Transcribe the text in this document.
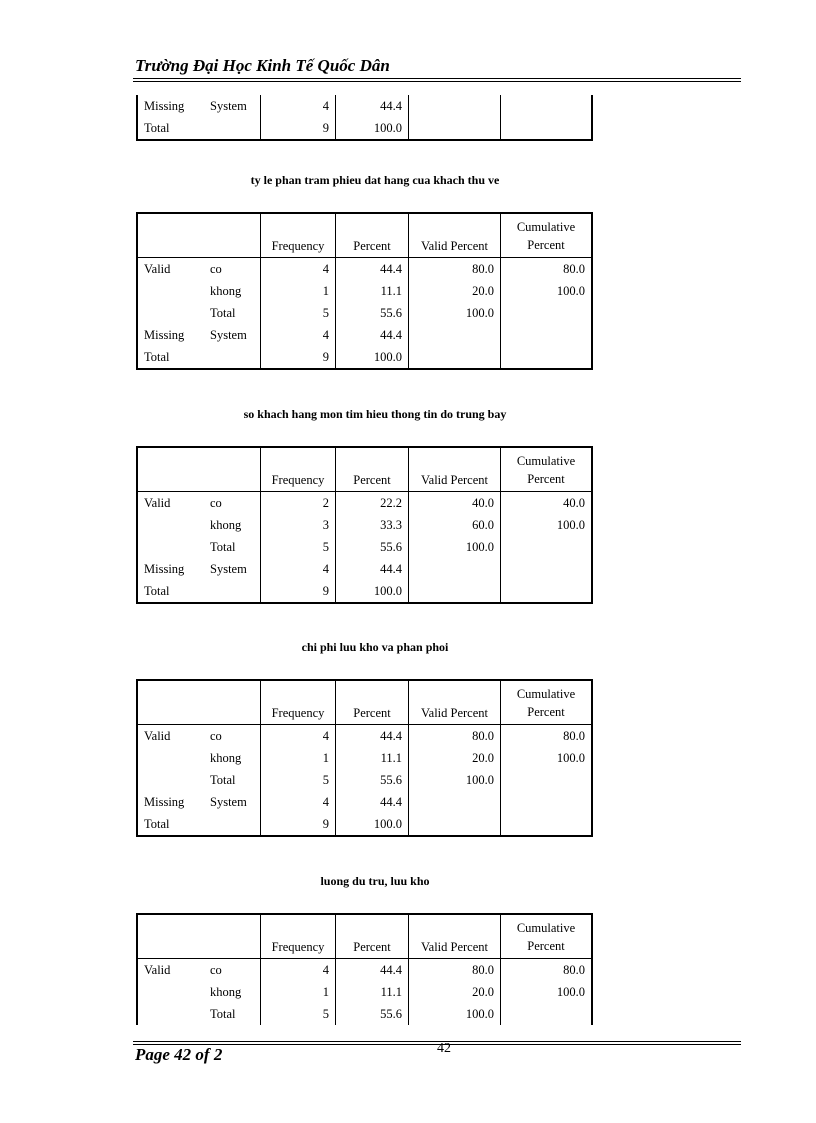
Trường Đại Học Kinh Tế Quốc Dân
Missing	System	4	44.4		
Total		9	100.0		
ty le phan tram phieu dat hang cua khach thu ve
		Frequency	Percent	Valid Percent	Cumulative
Percent
Valid	co	4	44.4	80.0	80.0
	khong	1	11.1	20.0	100.0
	Total	5	55.6	100.0	
Missing	System	4	44.4		
Total		9	100.0		
so khach hang mon tim hieu thong tin do trung bay
		Frequency	Percent	Valid Percent	Cumulative
Percent
Valid	co	2	22.2	40.0	40.0
	khong	3	33.3	60.0	100.0
	Total	5	55.6	100.0	
Missing	System	4	44.4		
Total		9	100.0		
chi phi luu kho va phan phoi
		Frequency	Percent	Valid Percent	Cumulative
Percent
Valid	co	4	44.4	80.0	80.0
	khong	1	11.1	20.0	100.0
	Total	5	55.6	100.0	
Missing	System	4	44.4		
Total		9	100.0		
luong du tru, luu kho
		Frequency	Percent	Valid Percent	Cumulative
Percent
Valid	co	4	44.4	80.0	80.0
	khong	1	11.1	20.0	100.0
	Total	5	55.6	100.0	
Page 42 of 2	42
